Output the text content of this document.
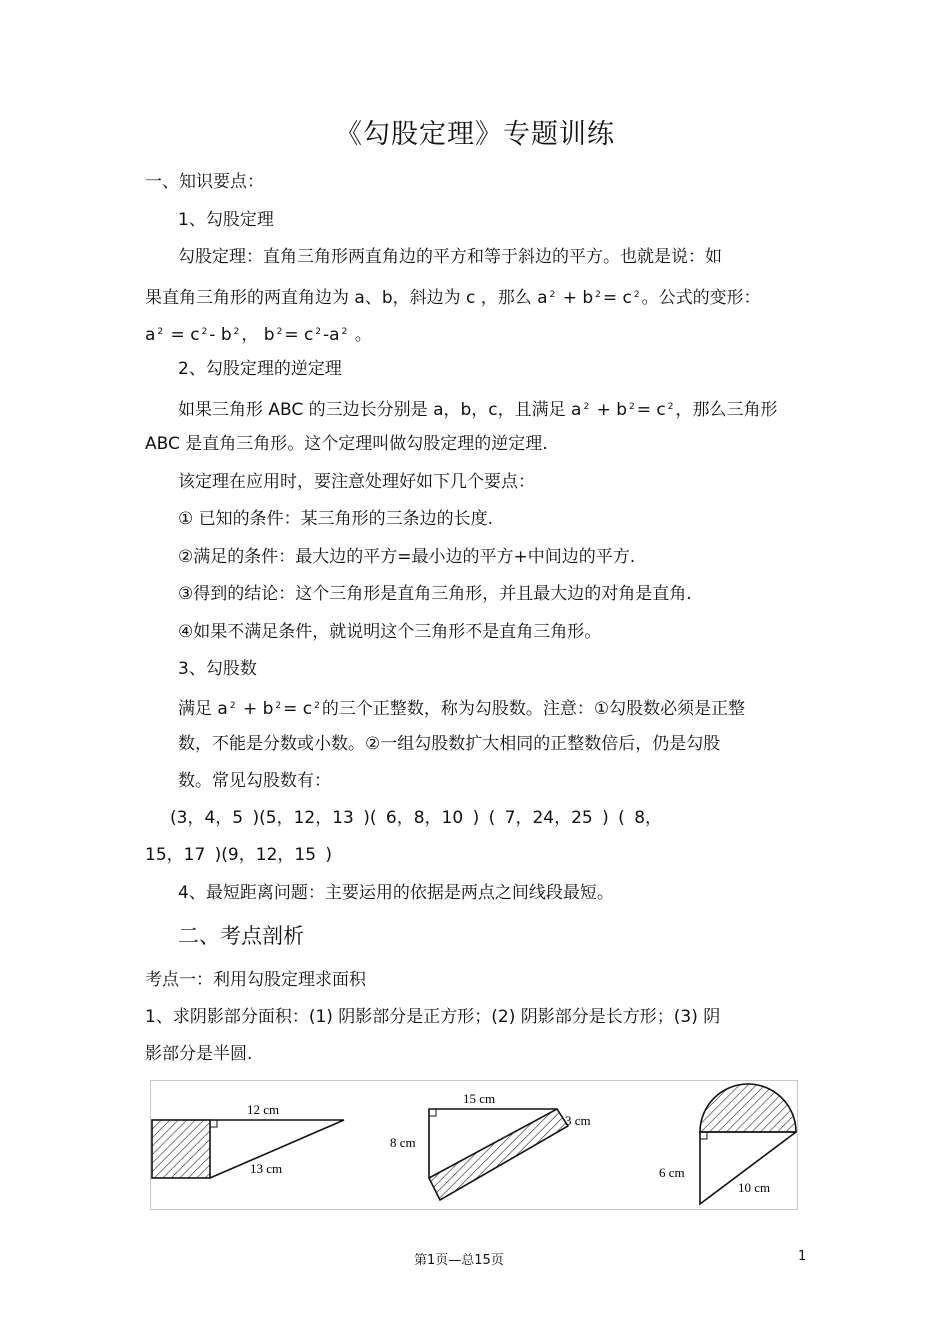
《勾股定理》专题训练
一、知识要点：
1、勾股定理
勾股定理：直角三角形两直角边的平方和等于斜边的平方。也就是说：如
果直角三角形的两直角边为 a、b，斜边为 c ，那么 a $^2$ + b $^2$ = c $^2$ 。公式的变形：
a $^2$ = c $^2$ - b $^2$ ， b $^2$ = c $^2$ -a $^2$ 。
2、勾股定理的逆定理
如果三角形 ABC 的三边长分别是 a，b，c，且满足 a $^2$ + b $^2$ = c $^2$ ，那么三角形
ABC 是直角三角形。这个定理叫做勾股定理的逆定理.
该定理在应用时，要注意处理好如下几个要点：
① 已知的条件：某三角形的三条边的长度.
②满足的条件：最大边的平方=最小边的平方+中间边的平方.
③得到的结论：这个三角形是直角三角形，并且最大边的对角是直角.
④如果不满足条件，就说明这个三角形不是直角三角形。
3、勾股数
满足 a $^2$ + b $^2$ = c $^2$ 的三个正整数，称为勾股数。注意：①勾股数必须是正整
数，不能是分数或小数。②一组勾股数扩大相同的正整数倍后，仍是勾股
数。常见勾股数有：
(3，4，5 )(5，12，13 )( 6，8，10 ) ( 7，24，25 ) ( 8，
15，17 )(9，12，15 )
4、最短距离问题：主要运用的依据是两点之间线段最短。
二、考点剖析
考点一：利用勾股定理求面积
1、求阴影部分面积：(1) 阴影部分是正方形；(2) 阴影部分是长方形；(3) 阴
影部分是半圆.
12 cm
13 cm
15 cm
8 cm
3 cm
6 cm
10 cm
第1页—总15页	1
